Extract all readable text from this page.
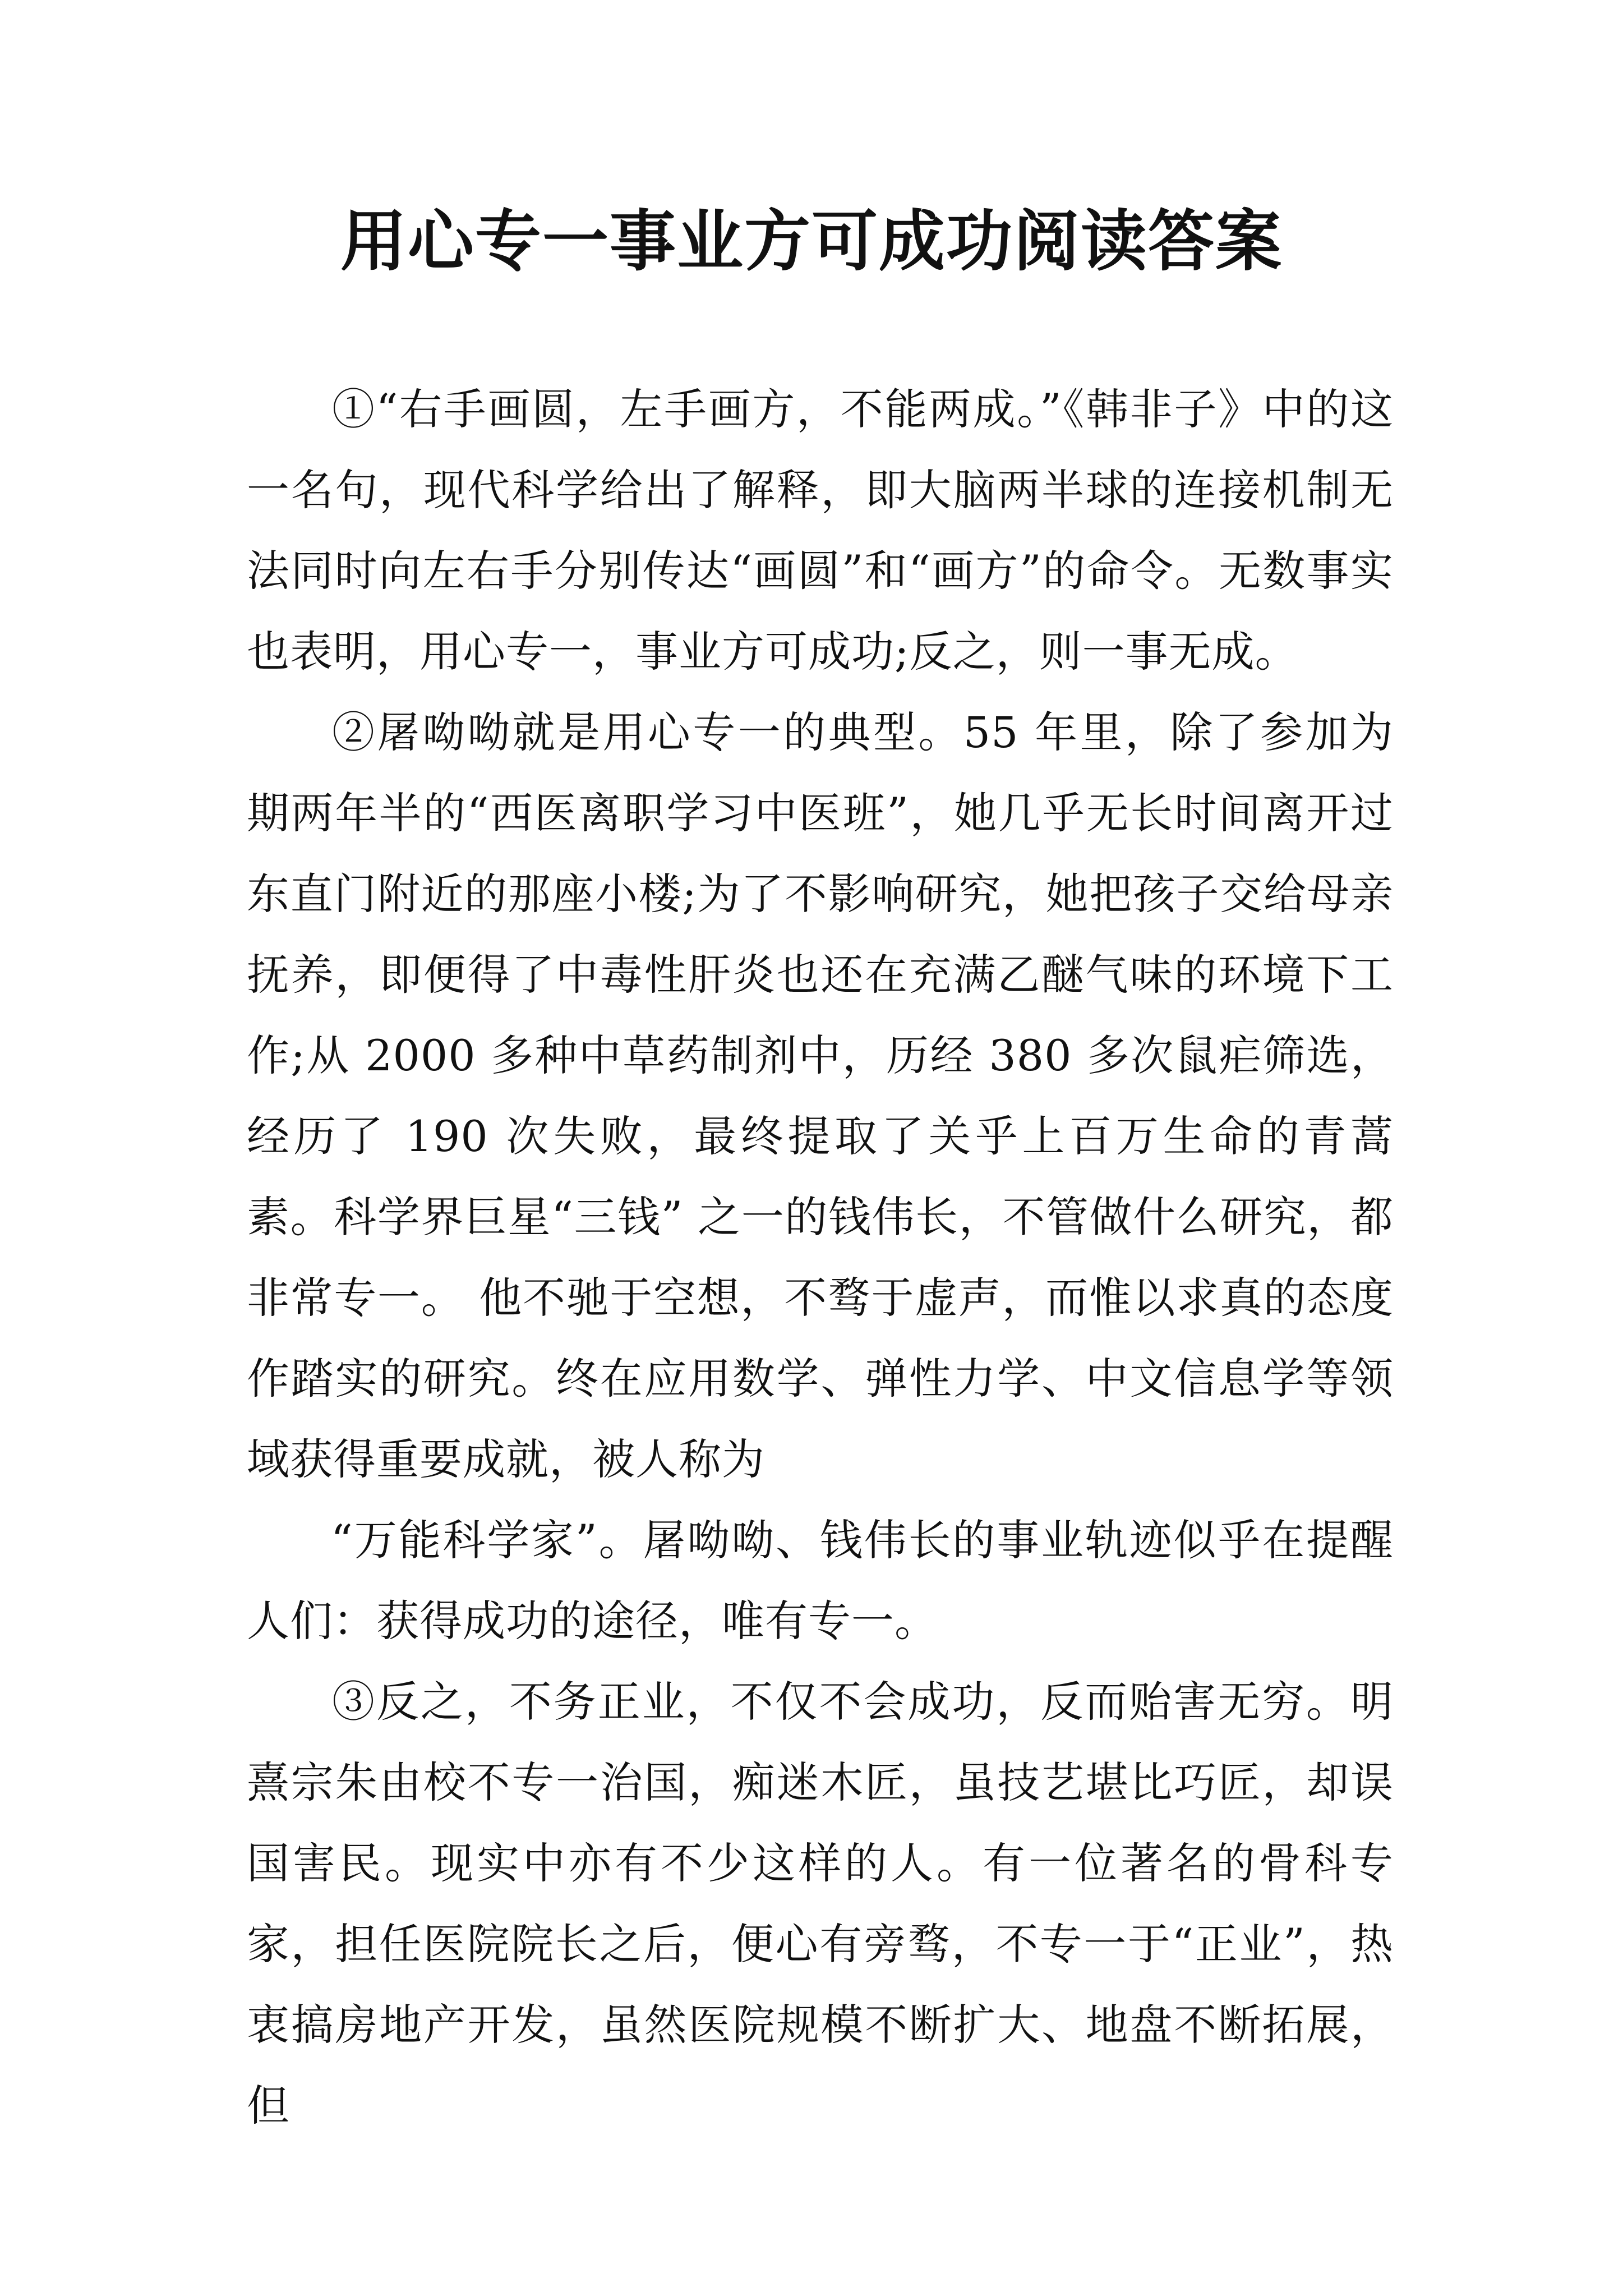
用心专一事业方可成功阅读答案

①“右手画圆，左手画方，不能两成。”《韩非子》中的这一名句，现代科学给出了解释，即大脑两半球的连接机制无法同时向左右手分别传达“画圆”和“画方”的命令。无数事实也表明，用心专一，事业方可成功;反之，则一事无成。

②屠呦呦就是用心专一的典型。55 年里，除了参加为期两年半的“西医离职学习中医班”，她几乎无长时间离开过东直门附近的那座小楼;为了不影响研究，她把孩子交给母亲抚养，即便得了中毒性肝炎也还在充满乙醚气味的环境下工作;从 2000 多种中草药制剂中，历经 380 多次鼠疟筛选，经历了 190 次失败，最终提取了关乎上百万生命的青蒿素。科学界巨星“三钱” 之一的钱伟长，不管做什么研究，都非常专一。 他不驰于空想，不骛于虚声，而惟以求真的态度作踏实的研究。终在应用数学、弹性力学、中文信息学等领域获得重要成就，被人称为

“万能科学家”。屠呦呦、钱伟长的事业轨迹似乎在提醒人们：获得成功的途径，唯有专一。

③反之，不务正业，不仅不会成功，反而贻害无穷。明熹宗朱由校不专一治国，痴迷木匠，虽技艺堪比巧匠，却误国害民。现实中亦有不少这样的人。有一位著名的骨科专家，担任医院院长之后，便心有旁骛，不专一于“正业”，热衷搞房地产开发，虽然医院规模不断扩大、地盘不断拓展，但
